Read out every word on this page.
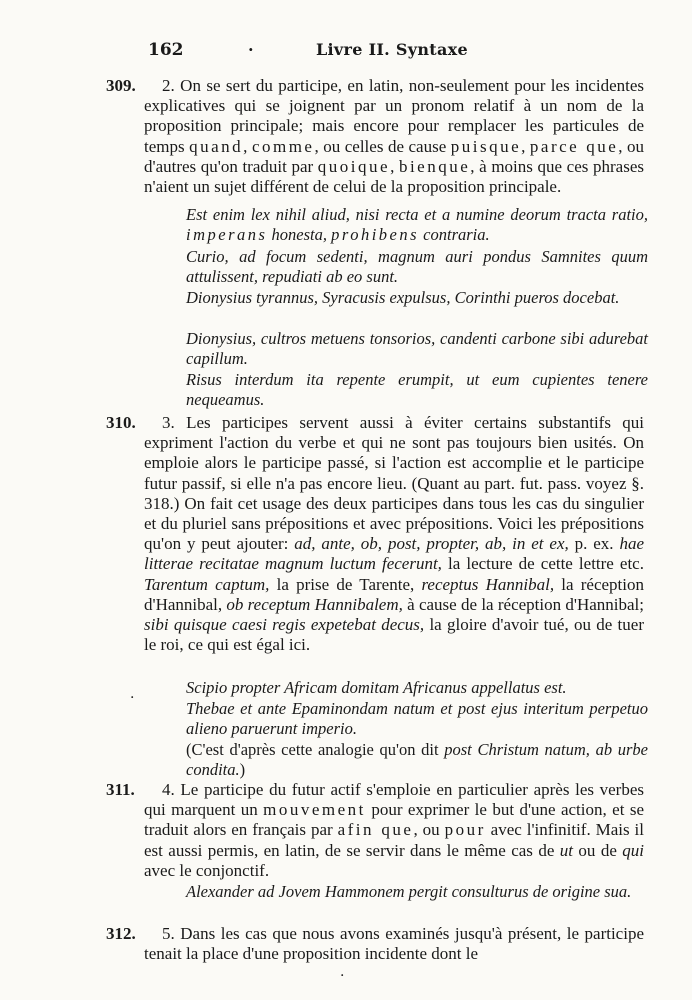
162	·	Livre II. Syntaxe
309. 2. On se sert du participe, en latin, non-seulement pour les incidentes explicatives qui se joignent par un pronom relatif à un nom de la proposition principale; mais encore pour remplacer les particules de temps quand, comme, ou celles de cause puisque, parce que, ou d'autres qu'on traduit par quoique, bienque, à moins que ces phrases n'aient un sujet différent de celui de la proposition principale.
Est enim lex nihil aliud, nisi recta et a numine deorum tracta ratio, imperans honesta, prohibens contraria.
Curio, ad focum sedenti, magnum auri pondus Samnites quum attulissent, repudiati ab eo sunt.
Dionysius tyrannus, Syracusis expulsus, Corinthi pueros docebat.
Dionysius, cultros metuens tonsorios, candenti carbone sibi adurebat capillum.
Risus interdum ita repente erumpit, ut eum cupientes tenere nequeamus.
310. 3. Les participes servent aussi à éviter certains substantifs qui expriment l'action du verbe et qui ne sont pas toujours bien usités. On emploie alors le participe passé, si l'action est accomplie et le participe futur passif, si elle n'a pas encore lieu. (Quant au part. fut. pass. voyez §. 318.) On fait cet usage des deux participes dans tous les cas du singulier et du pluriel sans prépositions et avec prépositions. Voici les prépositions qu'on y peut ajouter: ad, ante, ob, post, propter, ab, in et ex, p. ex. hae litterae recitatae magnum luctum fecerunt, la lecture de cette lettre etc. Tarentum captum, la prise de Tarente, receptus Hannibal, la réception d'Hannibal, ob receptum Hannibalem, à cause de la réception d'Hannibal; sibi quisque caesi regis expetebat decus, la gloire d'avoir tué, ou de tuer le roi, ce qui est égal ici.
Scipio propter Africam domitam Africanus appellatus est.
Thebae et ante Epaminondam natum et post ejus interitum perpetuo alieno paruerunt imperio.
(C'est d'après cette analogie qu'on dit post Christum natum, ab urbe condita.)
311. 4. Le participe du futur actif s'emploie en particulier après les verbes qui marquent un mouvement pour exprimer le but d'une action, et se traduit alors en français par afin que, ou pour avec l'infinitif. Mais il est aussi permis, en latin, de se servir dans le même cas de ut ou de qui avec le conjonctif.
Alexander ad Jovem Hammonem pergit consulturus de origine sua.
312. 5. Dans les cas que nous avons examinés jusqu'à présent, le participe tenait la place d'une proposition incidente dont le
·
·
